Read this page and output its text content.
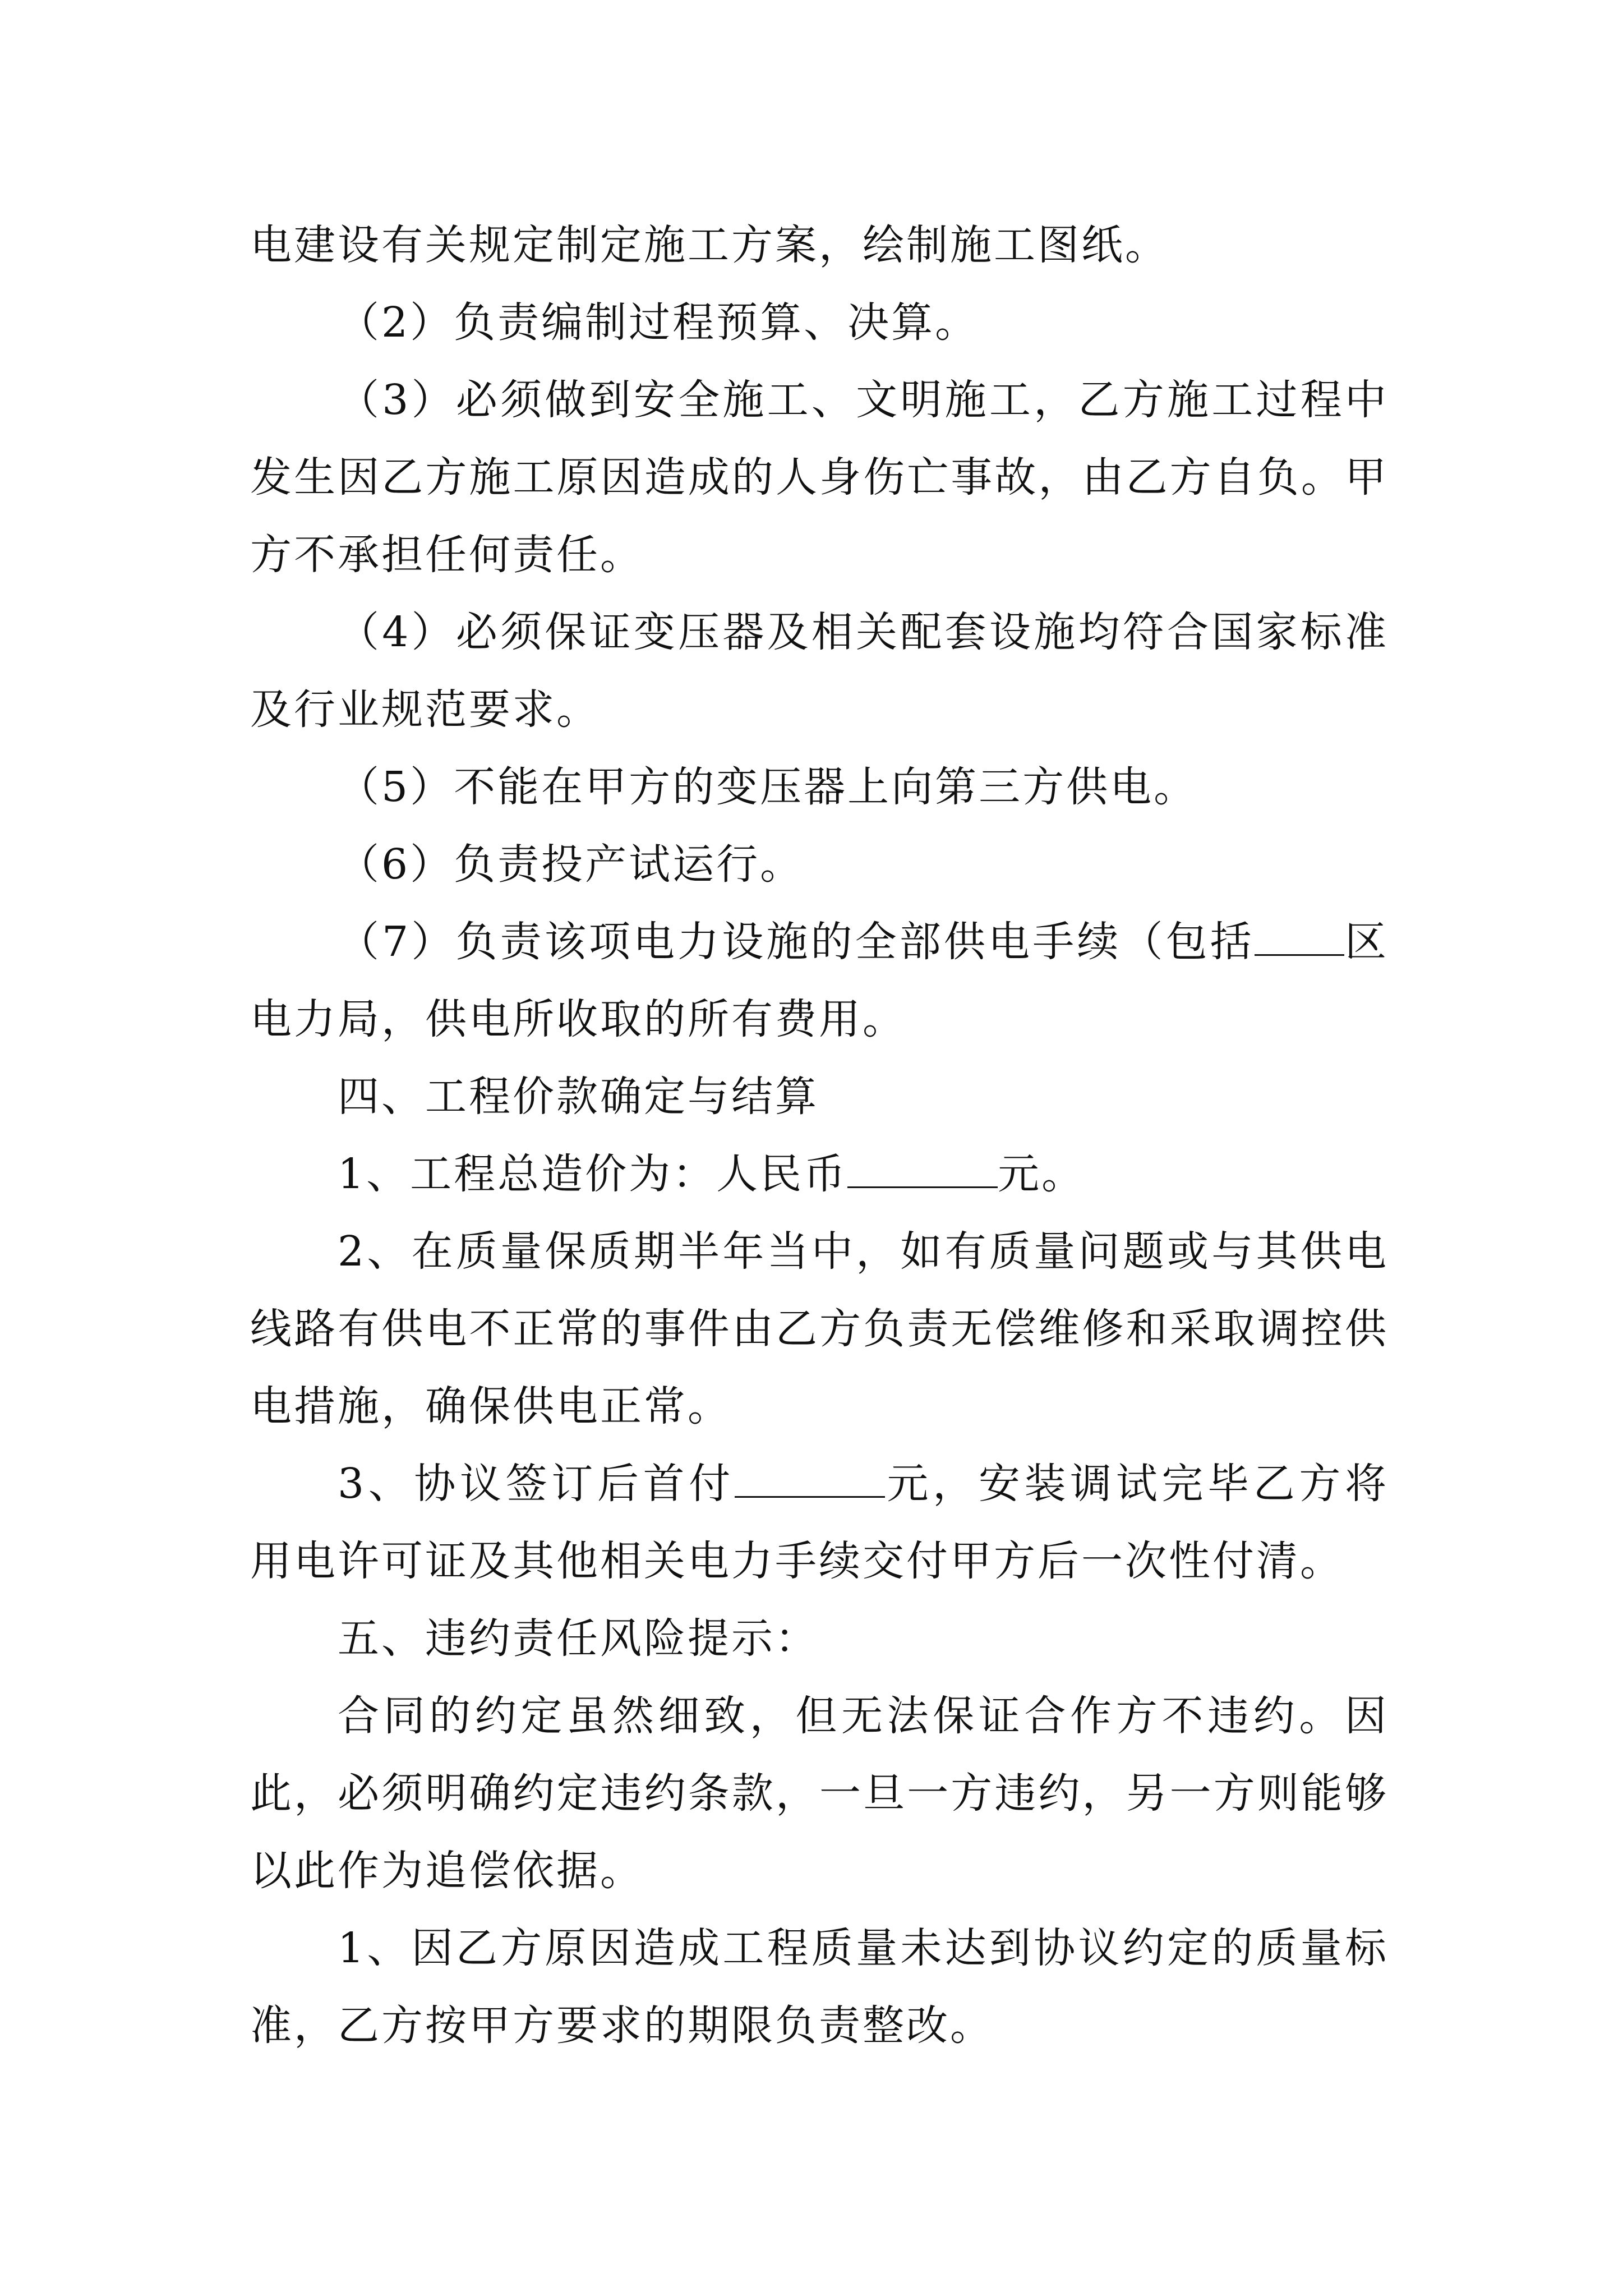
电建设有关规定制定施工方案，绘制施工图纸。

（2）负责编制过程预算、决算。

（3）必须做到安全施工、文明施工，乙方施工过程中发生因乙方施工原因造成的人身伤亡事故，由乙方自负。甲方不承担任何责任。

（4）必须保证变压器及相关配套设施均符合国家标准及行业规范要求。

（5）不能在甲方的变压器上向第三方供电。

（6）负责投产试运行。

（7）负责该项电力设施的全部供电手续（包括 区电力局，供电所收取的所有费用。

四、工程价款确定与结算

1、工程总造价为：人民币	元。

2、在质量保质期半年当中，如有质量问题或与其供电线路有供电不正常的事件由乙方负责无偿维修和采取调控供电措施，确保供电正常。

3、协议签订后首付	元，安装调试完毕乙方将用电许可证及其他相关电力手续交付甲方后一次性付清。

五、违约责任风险提示：

合同的约定虽然细致，但无法保证合作方不违约。因此，必须明确约定违约条款，一旦一方违约，另一方则能够以此作为追偿依据。

1、因乙方原因造成工程质量未达到协议约定的质量标准，乙方按甲方要求的期限负责整改。
